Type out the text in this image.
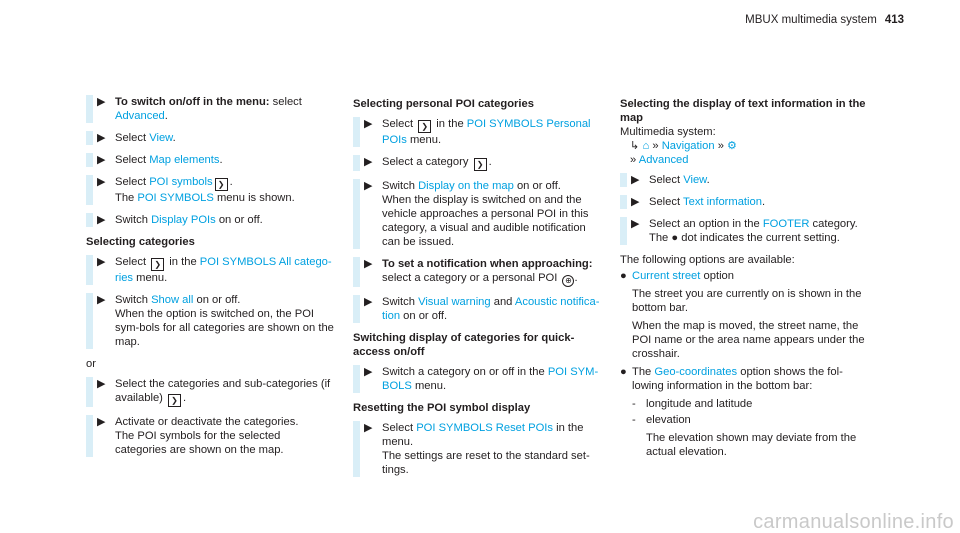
MBUX multimedia system 413
▶ To switch on/off in the menu: select Advanced.
▶ Select View.
▶ Select Map elements.
▶ Select POI symbols ❯ .
The POI SYMBOLS menu is shown.
▶ Switch Display POIs on or off.
Selecting categories
▶ Select ❯ in the POI SYMBOLS All catego-ries menu.
▶ Switch Show all on or off.
When the option is switched on, the POI sym-bols for all categories are shown on the map.
or
▶ Select the categories and sub-categories (if available) ❯ .
▶ Activate or deactivate the categories.
The POI symbols for the selected categories are shown on the map.
Selecting personal POI categories
▶ Select ❯ in the POI SYMBOLS Personal POIs menu.
▶ Select a category ❯ .
▶ Switch Display on the map on or off.
When the display is switched on and the vehicle approaches a personal POI in this category, a visual and audible notification can be issued.
▶ To set a notification when approaching: select a category or a personal POI ⊕ .
▶ Switch Visual warning and Acoustic notifica-tion on or off.
Switching display of categories for quick-access on/off
▶ Switch a category on or off in the POI SYM-BOLS menu.
Resetting the POI symbol display
▶ Select POI SYMBOLS Reset POIs in the menu.
The settings are reset to the standard set-tings.
Selecting the display of text information in the map
Multimedia system:
↳ ⌂ » Navigation » ⚙
» Advanced
▶ Select View.
▶ Select Text information.
▶ Select an option in the FOOTER category.
The ● dot indicates the current setting.
The following options are available:
● Current street option
The street you are currently on is shown in the bottom bar.
When the map is moved, the street name, the POI name or the area name appears under the crosshair.
● The Geo-coordinates option shows the fol-lowing information in the bottom bar:
- longitude and latitude
- elevation
The elevation shown may deviate from the actual elevation.
carmanualsonline.info
